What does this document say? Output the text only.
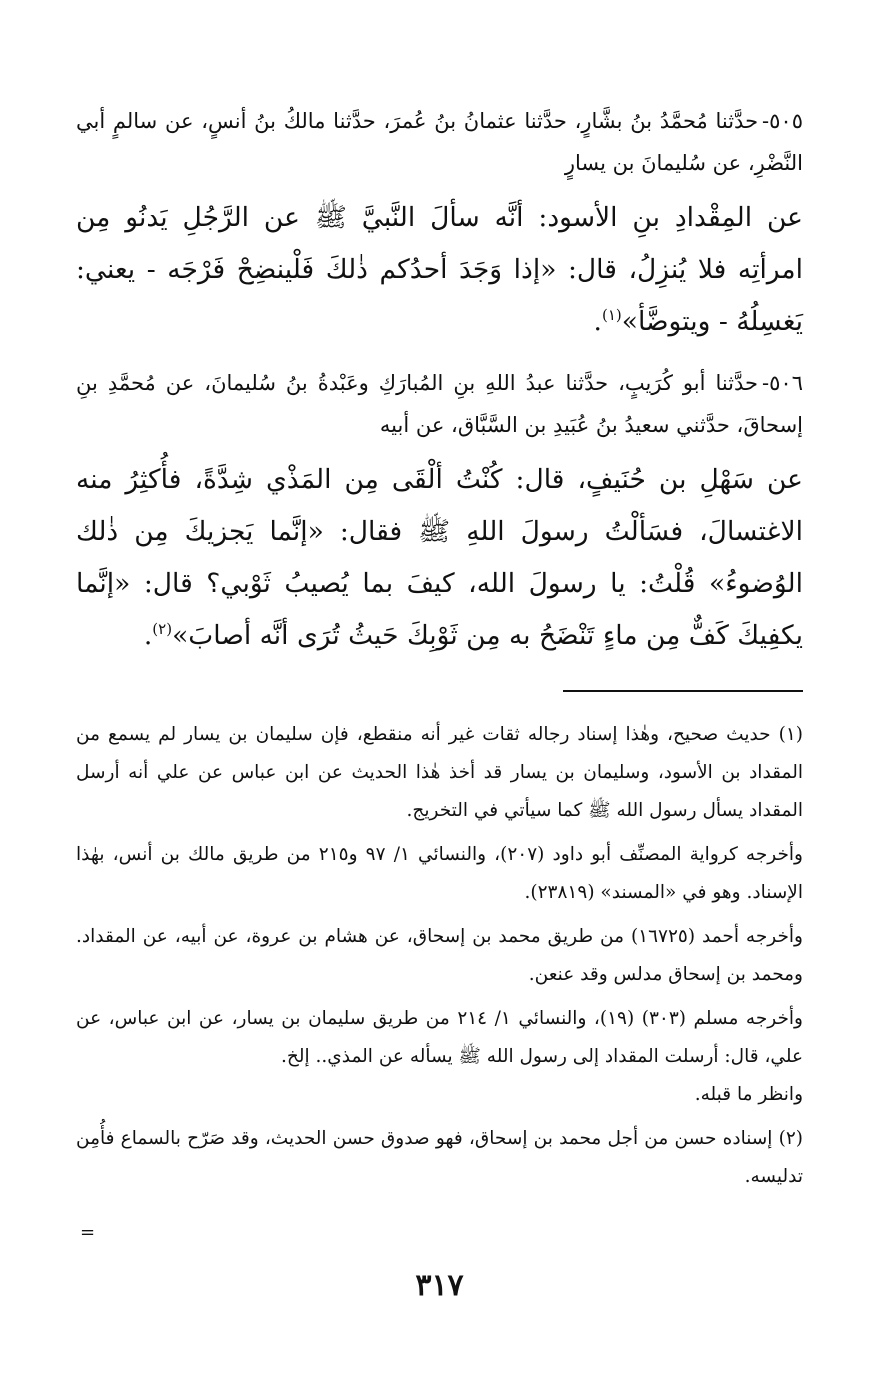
٥٠٥-حدَّثنا مُحمَّدُ بنُ بشَّارٍ، حدَّثنا عثمانُ بنُ عُمرَ، حدَّثنا مالكُ بنُ أنسٍ، عن سالمٍ أبي النَّضْرِ، عن سُليمانَ بن يسارٍ

عن المِقْدادِ بنِ الأسود: أنَّه سألَ النَّبيَّ ﷺ عن الرَّجُلِ يَدنُو مِن امرأتِه فلا يُنزِلُ، قال: «إذا وَجَدَ أحدُكم ذٰلكَ فَلْينضِحْ فَرْجَه - يعني: يَغسِلُهُ - ويتوضَّأ»$^{(١)}$.

٥٠٦-حدَّثنا أبو كُرَيبٍ، حدَّثنا عبدُ اللهِ بنِ المُبارَكِ وعَبْدةُ بنُ سُليمانَ، عن مُحمَّدِ بنِ إسحاقَ، حدَّثني سعيدُ بنُ عُبَيدِ بن السَّبَّاق، عن أبيه

عن سَهْلِ بن حُنَيفٍ، قال: كُنْتُ ألْقَى مِن المَذْي شِدَّةً، فأُكثِرُ منه الاغتسالَ، فسَألْتُ رسولَ اللهِ ﷺ فقال: «إنَّما يَجزيكَ مِن ذٰلك الوُضوءُ» قُلْتُ: يا رسولَ الله، كيفَ بما يُصيبُ ثَوْبي؟ قال: «إنَّما يكفِيكَ كَفٌّ مِن ماءٍ تَنْضَحُ به مِن ثَوْبِكَ حَيثُ تُرَى أنَّه أصابَ»$^{(٢)}$.

(١) حديث صحيح، وهٰذا إسناد رجاله ثقات غير أنه منقطع، فإن سليمان بن يسار لم يسمع من المقداد بن الأسود، وسليمان بن يسار قد أخذ هٰذا الحديث عن ابن عباس عن علي أنه أرسل المقداد يسأل رسول الله ﷺ كما سيأتي في التخريج.

وأخرجه كرواية المصنِّف أبو داود (٢٠٧)، والنسائي ١/ ٩٧ و٢١٥ من طريق مالك بن أنس، بهٰذا الإسناد. وهو في «المسند» (٢٣٨١٩).

وأخرجه أحمد (١٦٧٢٥) من طريق محمد بن إسحاق، عن هشام بن عروة، عن أبيه، عن المقداد. ومحمد بن إسحاق مدلس وقد عنعن.

وأخرجه مسلم (٣٠٣) (١٩)، والنسائي ١/ ٢١٤ من طريق سليمان بن يسار، عن ابن عباس، عن علي، قال: أرسلت المقداد إلى رسول الله ﷺ يسأله عن المذي.. إلخ.

وانظر ما قبله.

(٢) إسناده حسن من أجل محمد بن إسحاق، فهو صدوق حسن الحديث، وقد صَرّح بالسماع فأُمِن تدليسه.

=
٣١٧
